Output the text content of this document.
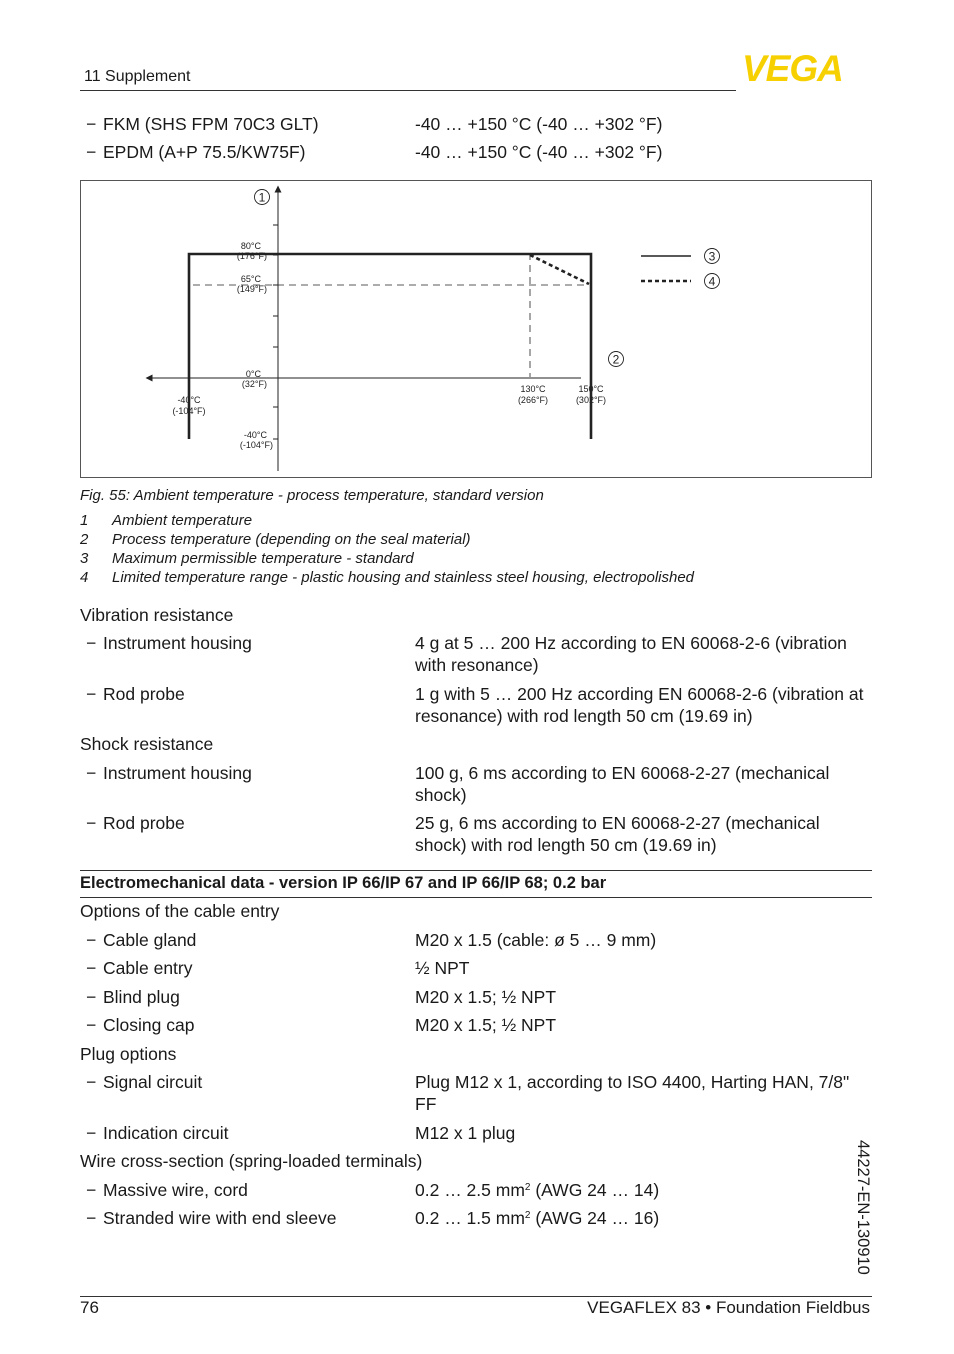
11 Supplement	VEGA
− FKM (SHS FPM 70C3 GLT)	-40 … +150 °C (-40 … +302 °F)
− EPDM (A+P 75.5/KW75F)	-40 … +150 °C (-40 … +302 °F)
80°C
(176°F)
65°C
(149°F)
0°C
(32°F)
-40°C
(-104°F)
-40°C
(-104°F)
130°C
(266°F)
150°C
(302°F)
1
2
3
4
Fig. 55: Ambient temperature - process temperature, standard version
1 Ambient temperature
2 Process temperature (depending on the seal material)
3 Maximum permissible temperature - standard
4 Limited temperature range - plastic housing and stainless steel housing, electropolished
Vibration resistance
− Instrument housing	4 g at 5 … 200 Hz according to EN 60068-2-6 (vibration with resonance)
− Rod probe	1 g with 5 … 200 Hz according EN 60068-2-6 (vibration at resonance) with rod length 50 cm (19.69 in)
Shock resistance
− Instrument housing	100 g, 6 ms according to EN 60068-2-27 (mechanical shock)
− Rod probe	25 g, 6 ms according to EN 60068-2-27 (mechanical shock) with rod length 50 cm (19.69 in)
Electromechanical data - version IP 66/IP 67 and IP 66/IP 68; 0.2 bar
Options of the cable entry
− Cable gland	M20 x 1.5 (cable: ø 5 … 9 mm)
− Cable entry	½ NPT
− Blind plug	M20 x 1.5; ½ NPT
− Closing cap	M20 x 1.5; ½ NPT
Plug options
− Signal circuit	Plug M12 x 1, according to ISO 4400, Harting HAN, 7/8" FF
− Indication circuit	M12 x 1 plug
Wire cross-section (spring-loaded terminals)
− Massive wire, cord	0.2 … 2.5 $mm^2$ (AWG 24 … 14)
− Stranded wire with end sleeve	0.2 … 1.5 $mm^2$ (AWG 24 … 16)	44227-EN-130910
76	VEGAFLEX 83 • Foundation Fieldbus
